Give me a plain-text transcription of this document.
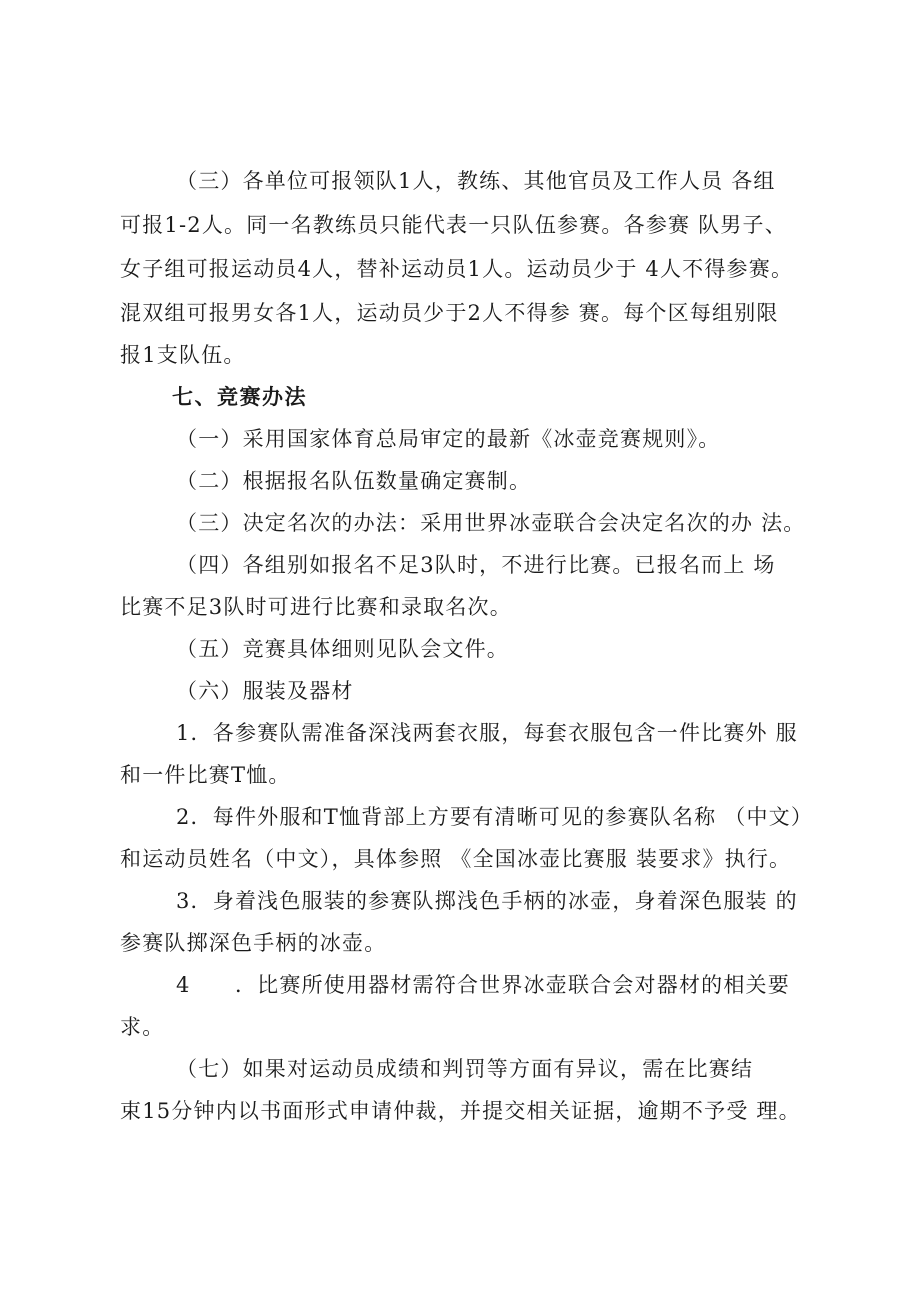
（三）各单位可报领队1人，教练、其他官员及工作人员 各组
可报1-2人。同一名教练员只能代表一只队伍参赛。各参赛 队男子、
女子组可报运动员4人，替补运动员1人。运动员少于 4人不得参赛。
混双组可报男女各1人，运动员少于2人不得参 赛。每个区每组别限
报1支队伍。
七、竞赛办法
（一）采用国家体育总局审定的最新《冰壶竞赛规则》。
（二）根据报名队伍数量确定赛制。
（三）决定名次的办法：采用世界冰壶联合会决定名次的办 法。
（四）各组别如报名不足3队时，不进行比赛。已报名而上 场
比赛不足3队时可进行比赛和录取名次。
（五）竞赛具体细则见队会文件。
（六）服装及器材
1．各参赛队需准备深浅两套衣服，每套衣服包含一件比赛外 服
和一件比赛T恤。
2．每件外服和T恤背部上方要有清晰可见的参赛队名称 （中文）
和运动员姓名（中文），具体参照 《全国冰壶比赛服 装要求》执行。
3．身着浅色服装的参赛队掷浅色手柄的冰壶，身着深色服装 的
参赛队掷深色手柄的冰壶。
4　　．比赛所使用器材需符合世界冰壶联合会对器材的相关要
求。
（七）如果对运动员成绩和判罚等方面有异议，需在比赛结
束15分钟内以书面形式申请仲裁，并提交相关证据，逾期不予受 理。
